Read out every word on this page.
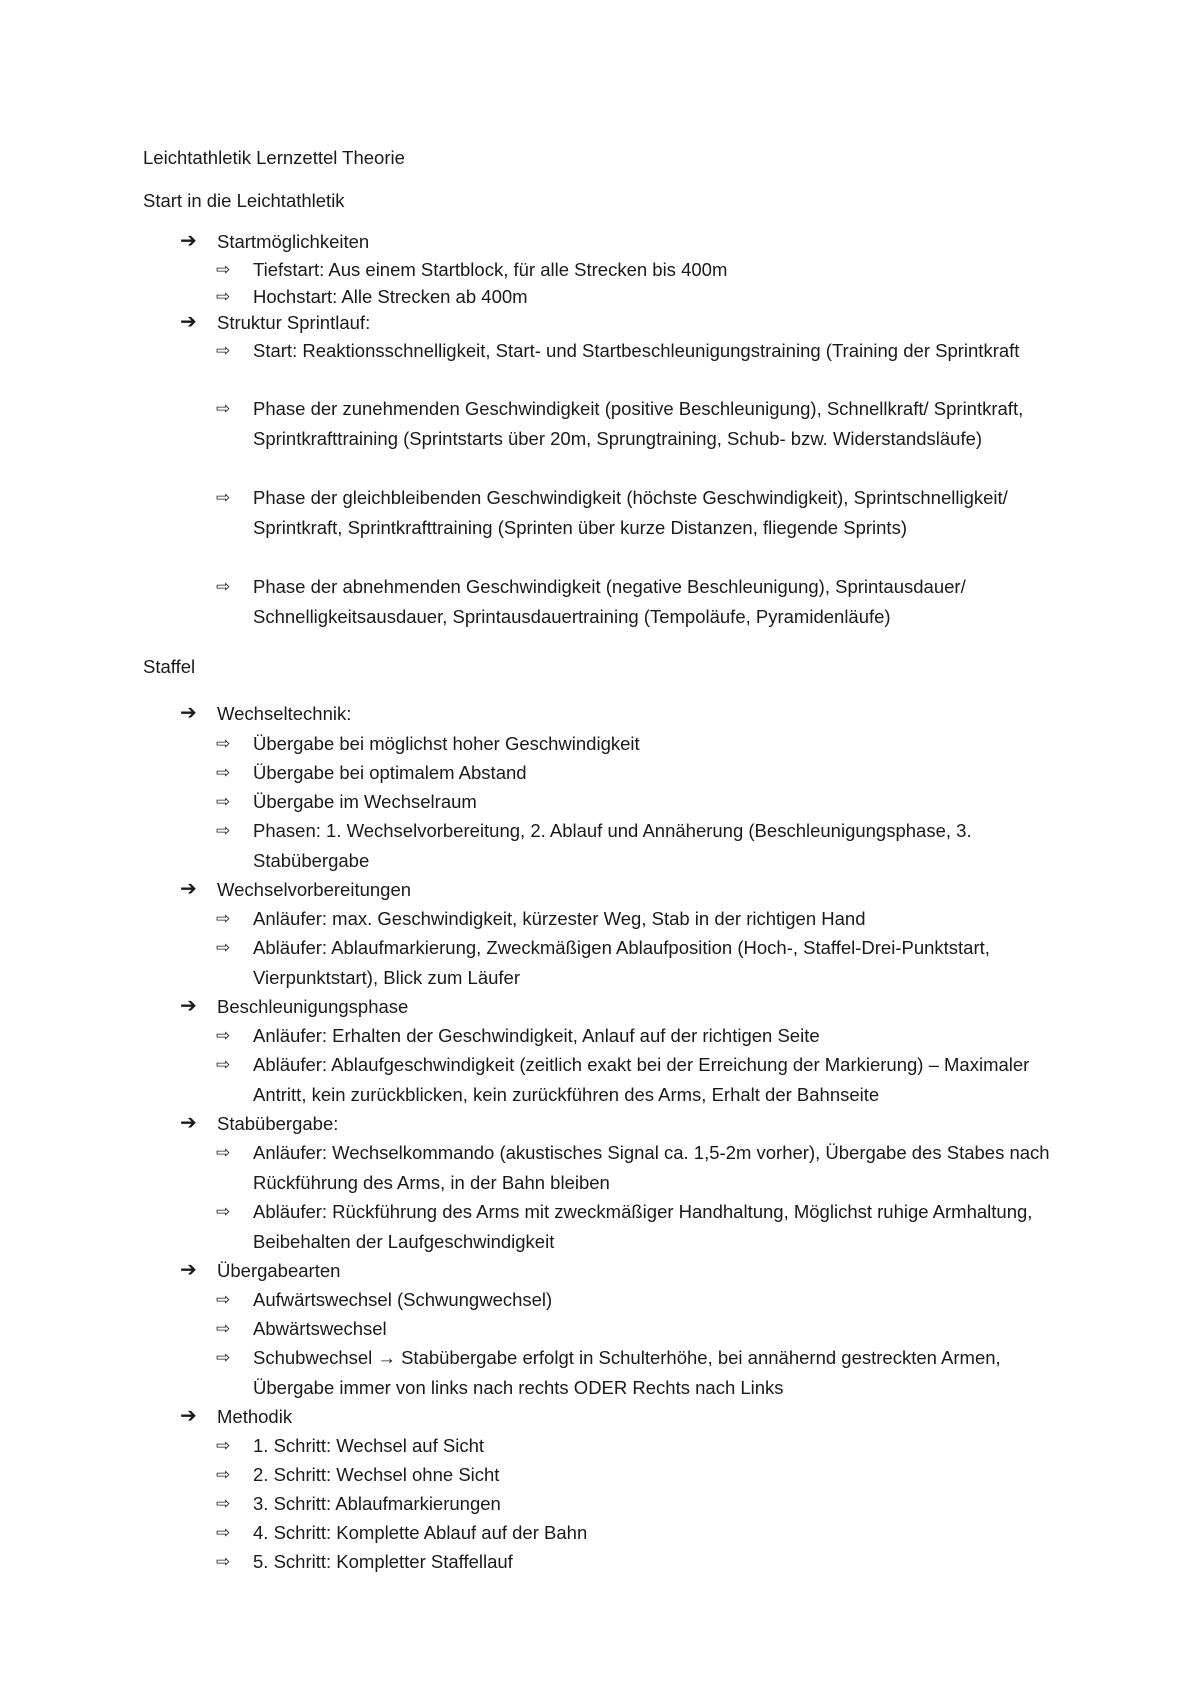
Leichtathletik Lernzettel Theorie

Start in die Leichtathletik

➔	Startmöglichkeiten
⇨	Tiefstart: Aus einem Startblock, für alle Strecken bis 400m
⇨	Hochstart: Alle Strecken ab 400m
➔	Struktur Sprintlauf:
⇨	Start: Reaktionsschnelligkeit, Start- und Startbeschleunigungstraining (Training der Sprintkraft
⇨	Phase der zunehmenden Geschwindigkeit (positive Beschleunigung), Schnellkraft/ Sprintkraft, Sprintkrafttraining (Sprintstarts über 20m, Sprungtraining, Schub- bzw. Widerstandsläufe)
⇨	Phase der gleichbleibenden Geschwindigkeit (höchste Geschwindigkeit), Sprintschnelligkeit/ Sprintkraft, Sprintkrafttraining (Sprinten über kurze Distanzen, fliegende Sprints)
⇨	Phase der abnehmenden Geschwindigkeit (negative Beschleunigung), Sprintausdauer/ Schnelligkeitsausdauer, Sprintausdauertraining (Tempoläufe, Pyramidenläufe)

Staffel

➔	Wechseltechnik:
⇨	Übergabe bei möglichst hoher Geschwindigkeit
⇨	Übergabe bei optimalem Abstand
⇨	Übergabe im Wechselraum
⇨	Phasen: 1. Wechselvorbereitung, 2. Ablauf und Annäherung (Beschleunigungsphase, 3. Stabübergabe
➔	Wechselvorbereitungen
⇨	Anläufer: max. Geschwindigkeit, kürzester Weg, Stab in der richtigen Hand
⇨	Abläufer: Ablaufmarkierung, Zweckmäßigen Ablaufposition (Hoch-, Staffel-Drei-Punktstart, Vierpunktstart), Blick zum Läufer
➔	Beschleunigungsphase
⇨	Anläufer: Erhalten der Geschwindigkeit, Anlauf auf der richtigen Seite
⇨	Abläufer: Ablaufgeschwindigkeit (zeitlich exakt bei der Erreichung der Markierung) – Maximaler Antritt, kein zurückblicken, kein zurückführen des Arms, Erhalt der Bahnseite
➔	Stabübergabe:
⇨	Anläufer: Wechselkommando (akustisches Signal ca. 1,5-2m vorher), Übergabe des Stabes nach Rückführung des Arms, in der Bahn bleiben
⇨	Abläufer: Rückführung des Arms mit zweckmäßiger Handhaltung, Möglichst ruhige Armhaltung, Beibehalten der Laufgeschwindigkeit
➔	Übergabearten
⇨	Aufwärtswechsel (Schwungwechsel)
⇨	Abwärtswechsel
⇨	Schubwechsel → Stabübergabe erfolgt in Schulterhöhe, bei annähernd gestreckten Armen, Übergabe immer von links nach rechts ODER Rechts nach Links
➔	Methodik
⇨	1. Schritt: Wechsel auf Sicht
⇨	2. Schritt: Wechsel ohne Sicht
⇨	3. Schritt: Ablaufmarkierungen
⇨	4. Schritt: Komplette Ablauf auf der Bahn
⇨	5. Schritt: Kompletter Staffellauf
